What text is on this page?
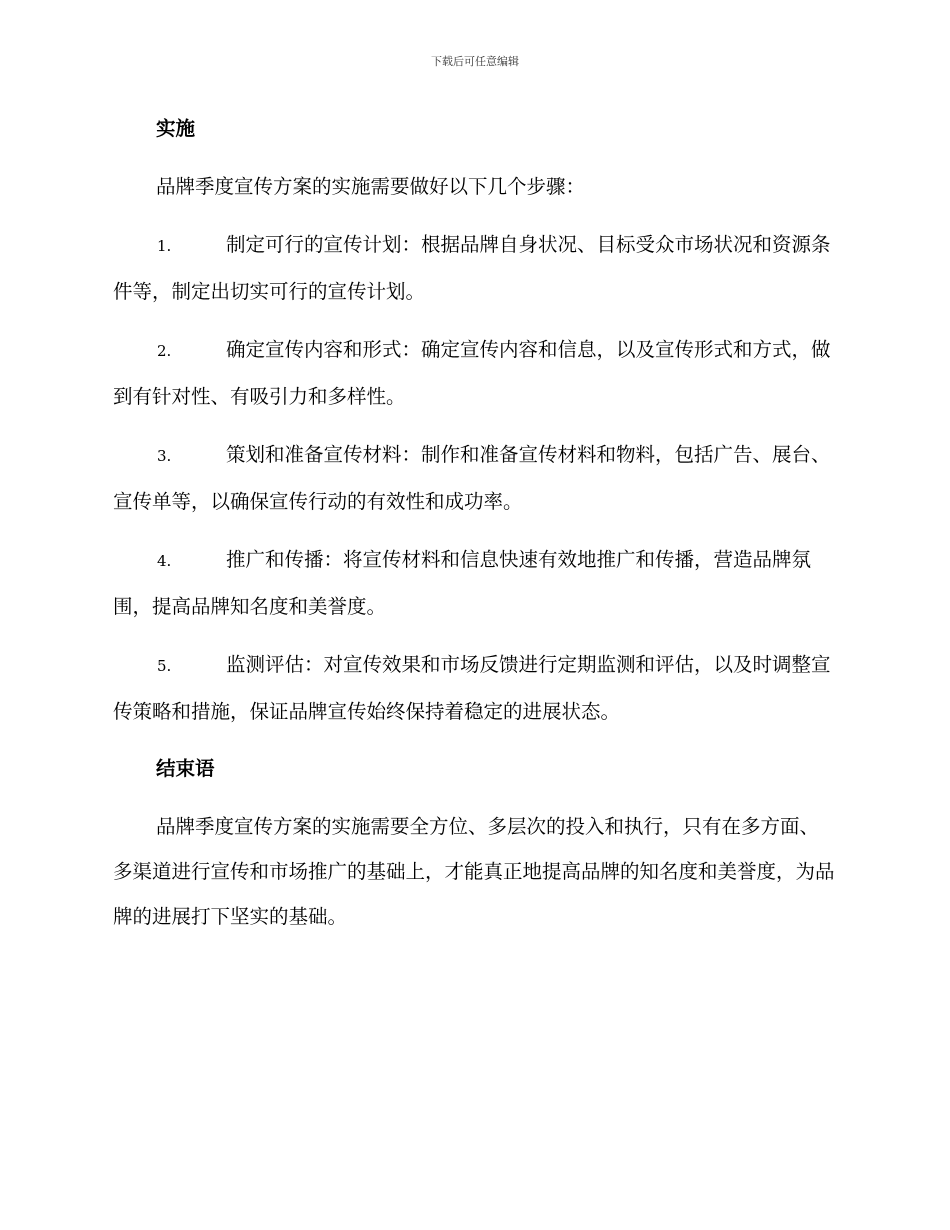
下载后可任意编辑
实施

品牌季度宣传方案的实施需要做好以下几个步骤：

1.	制定可行的宣传计划：根据品牌自身状况、目标受众市场状况和资源条件等，制定出切实可行的宣传计划。

2.	确定宣传内容和形式：确定宣传内容和信息，以及宣传形式和方式，做到有针对性、有吸引力和多样性。

3.	策划和准备宣传材料：制作和准备宣传材料和物料，包括广告、展台、宣传单等，以确保宣传行动的有效性和成功率。

4.	推广和传播：将宣传材料和信息快速有效地推广和传播，营造品牌氛围，提高品牌知名度和美誉度。

5.	监测评估：对宣传效果和市场反馈进行定期监测和评估，以及时调整宣传策略和措施，保证品牌宣传始终保持着稳定的进展状态。

结束语

品牌季度宣传方案的实施需要全方位、多层次的投入和执行，只有在多方面、多渠道进行宣传和市场推广的基础上，才能真正地提高品牌的知名度和美誉度，为品牌的进展打下坚实的基础。
